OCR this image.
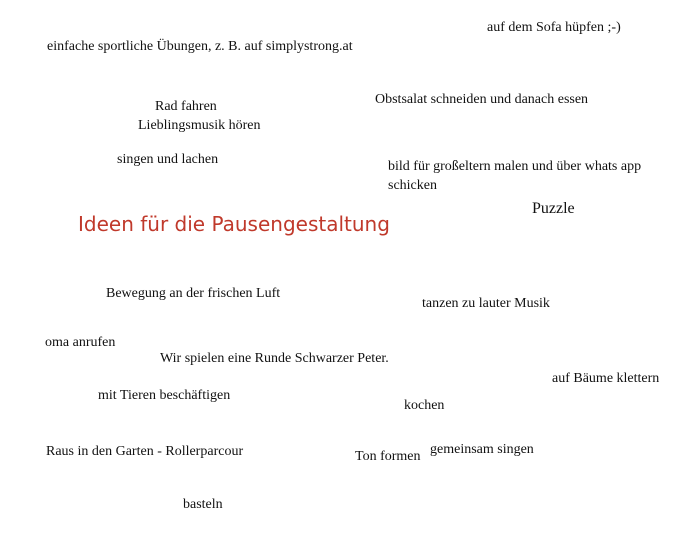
Ideen für die Pausengestaltung
auf dem Sofa hüpfen ;-)
einfache sportliche Übungen, z. B. auf simplystrong.at
Obstsalat schneiden und danach essen
Rad fahren
Lieblingsmusik hören
singen und lachen	bild für großeltern malen und über whats app schicken
Puzzle
Bewegung an der frischen Luft
tanzen zu lauter Musik
oma anrufen
Wir spielen eine Runde Schwarzer Peter.
auf Bäume klettern
mit Tieren beschäftigen
kochen
Raus in den Garten - Rollerparcour	gemeinsam singen
Ton formen
basteln
